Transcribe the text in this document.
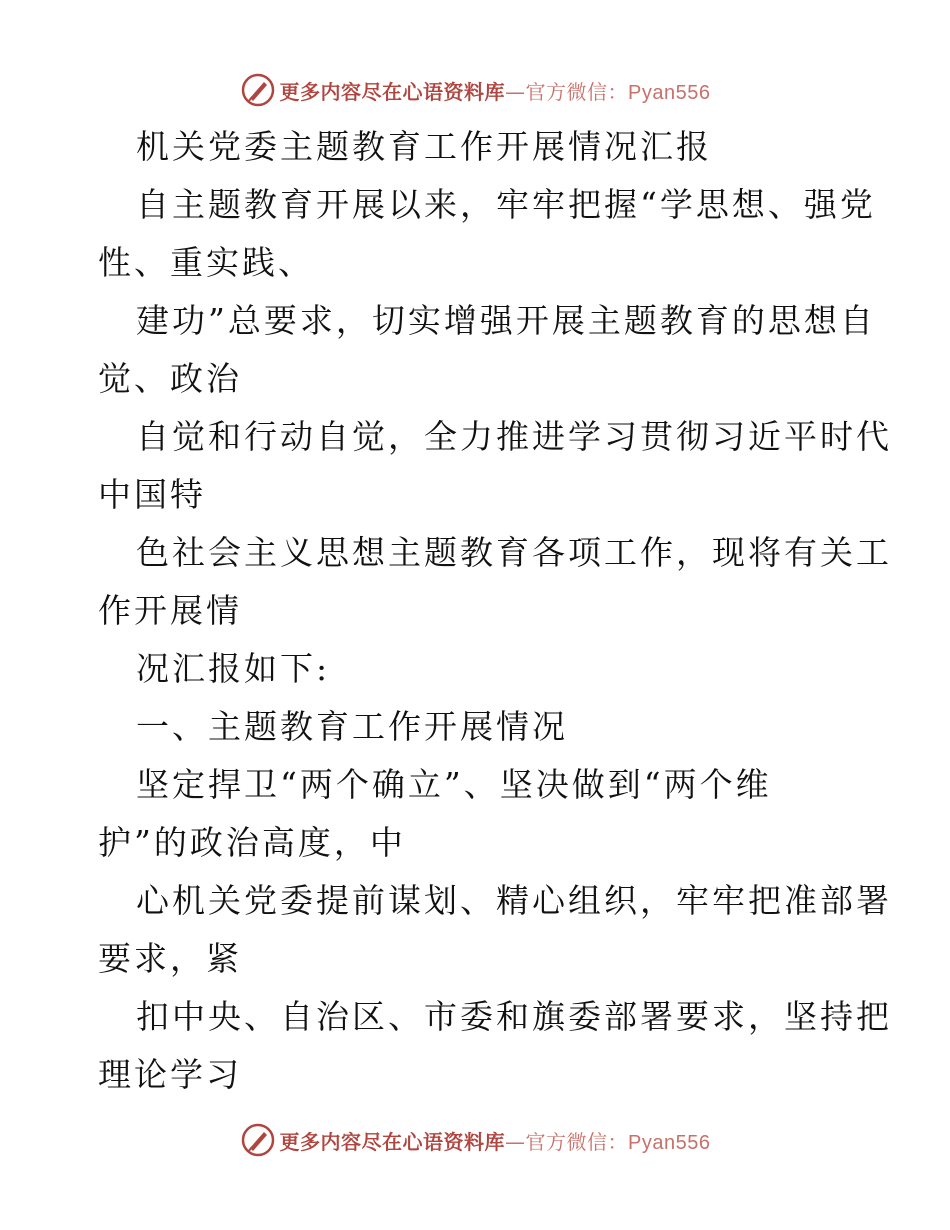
更多内容尽在心语资料库—官方微信：Pyan556
机关党委主题教育工作开展情况汇报
自主题教育开展以来，牢牢把握“学思想、强党
性、重实践、
建功”总要求，切实增强开展主题教育的思想自
觉、政治
自觉和行动自觉，全力推进学习贯彻习近平时代
中国特
色社会主义思想主题教育各项工作，现将有关工
作开展情
况汇报如下:
一、主题教育工作开展情况
坚定捍卫“两个确立”、坚决做到“两个维
护”的政治高度，中
心机关党委提前谋划、精心组织，牢牢把准部署
要求，紧
扣中央、自治区、市委和旗委部署要求，坚持把
理论学习
更多内容尽在心语资料库—官方微信：Pyan556
